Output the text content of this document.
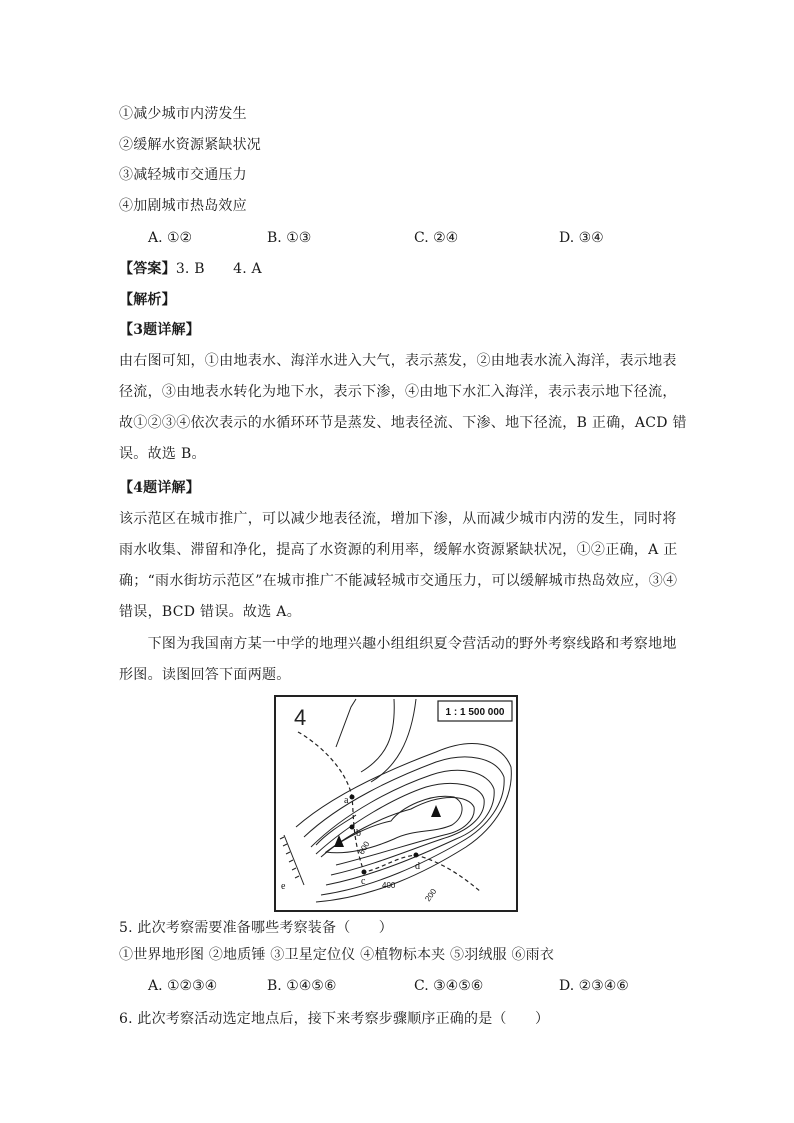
①减少城市内涝发生
②缓解水资源紧缺状况
③减轻城市交通压力
④加剧城市热岛效应
A. ①②	B. ①③	C. ②④	D. ③④
【答案】3. B　　4. A
【解析】
【3题详解】
由右图可知，①由地表水、海洋水进入大气，表示蒸发，②由地表水流入海洋，表示地表
径流，③由地表水转化为地下水，表示下渗，④由地下水汇入海洋，表示表示地下径流，
故①②③④依次表示的水循环环节是蒸发、地表径流、下渗、地下径流，B 正确，ACD 错
误。故选 B。
【4题详解】
该示范区在城市推广，可以减少地表径流，增加下渗，从而减少城市内涝的发生，同时将
雨水收集、滞留和净化，提高了水资源的利用率，缓解水资源紧缺状况，①②正确，A 正
确；“雨水街坊示范区”在城市推广不能减轻城市交通压力，可以缓解城市热岛效应，③④
错误，BCD 错误。故选 A。
　　下图为我国南方某一中学的地理兴趣小组组织夏令营活动的野外考察线路和考察地地
形图。读图回答下面两题。
1 : 1 500 000
4
a
b
c
d
e
600
400
200
5. 此次考察需要准备哪些考察装备（　　）
①世界地形图 ②地质锤 ③卫星定位仪 ④植物标本夹 ⑤羽绒服 ⑥雨衣
A. ①②③④	B. ①④⑤⑥	C. ③④⑤⑥	D. ②③④⑥
6. 此次考察活动选定地点后，接下来考察步骤顺序正确的是（　　）
